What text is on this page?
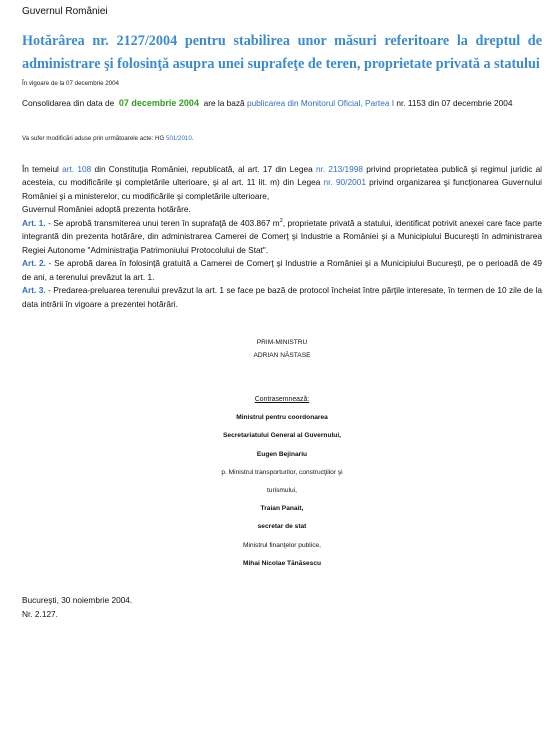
Guvernul României
Hotărârea nr. 2127/2004 pentru stabilirea unor măsuri referitoare la dreptul de administrare şi folosinţă asupra unei suprafeţe de teren, proprietate privată a statului
În vigoare de la 07 decembrie 2004
Consolidarea din data de 07 decembrie 2004 are la bază publicarea din Monitorul Oficial, Partea I nr. 1153 din 07 decembrie 2004
Va sufer modificări aduse prin următoarele acte: HG 501/2010.

În temeiul art. 108 din Constituţia României, republicată, al art. 17 din Legea nr. 213/1998 privind proprietatea publică şi regimul juridic al acesteia, cu modificările şi completările ulterioare, şi al art. 11 lit. m) din Legea nr. 90/2001 privind organizarea şi funcţionarea Guvernului României şi a ministerelor, cu modificările şi completările ulterioare,

Guvernul României adoptă prezenta hotărâre.

Art. 1. - Se aprobă transmiterea unui teren în suprafaţă de 403.867 $m^2$, proprietate privată a statului, identificat potrivit anexei care face parte integrantă din prezenta hotărâre, din administrarea Camerei de Comerţ şi Industrie a României şi a Municipiului Bucureşti în administrarea Regiei Autonome "Administraţia Patrimoniului Protocolului de Stat".

Art. 2. - Se aprobă darea în folosinţă gratuită a Camerei de Comerţ şi Industrie a României şi a Municipiului Bucureşti, pe o perioadă de 49 de ani, a terenului prevăzut la art. 1.

Art. 3. - Predarea-preluarea terenului prevăzut la art. 1 se face pe bază de protocol încheiat între părţile interesate, în termen de 10 zile de la data intrării în vigoare a prezentei hotărâri.

PRIM-MINISTRU
ADRIAN NĂSTASE
Contrasemnează:
Ministrul pentru coordonarea
Secretariatului General al Guvernului,
Eugen Bejinariu
p. Ministrul transporturilor, construcţiilor şi
turismului,
Traian Panait,
secretar de stat
Ministrul finanţelor publice,
Mihai Nicolae Tănăsescu
Bucureşti, 30 noiembrie 2004.
Nr. 2.127.
